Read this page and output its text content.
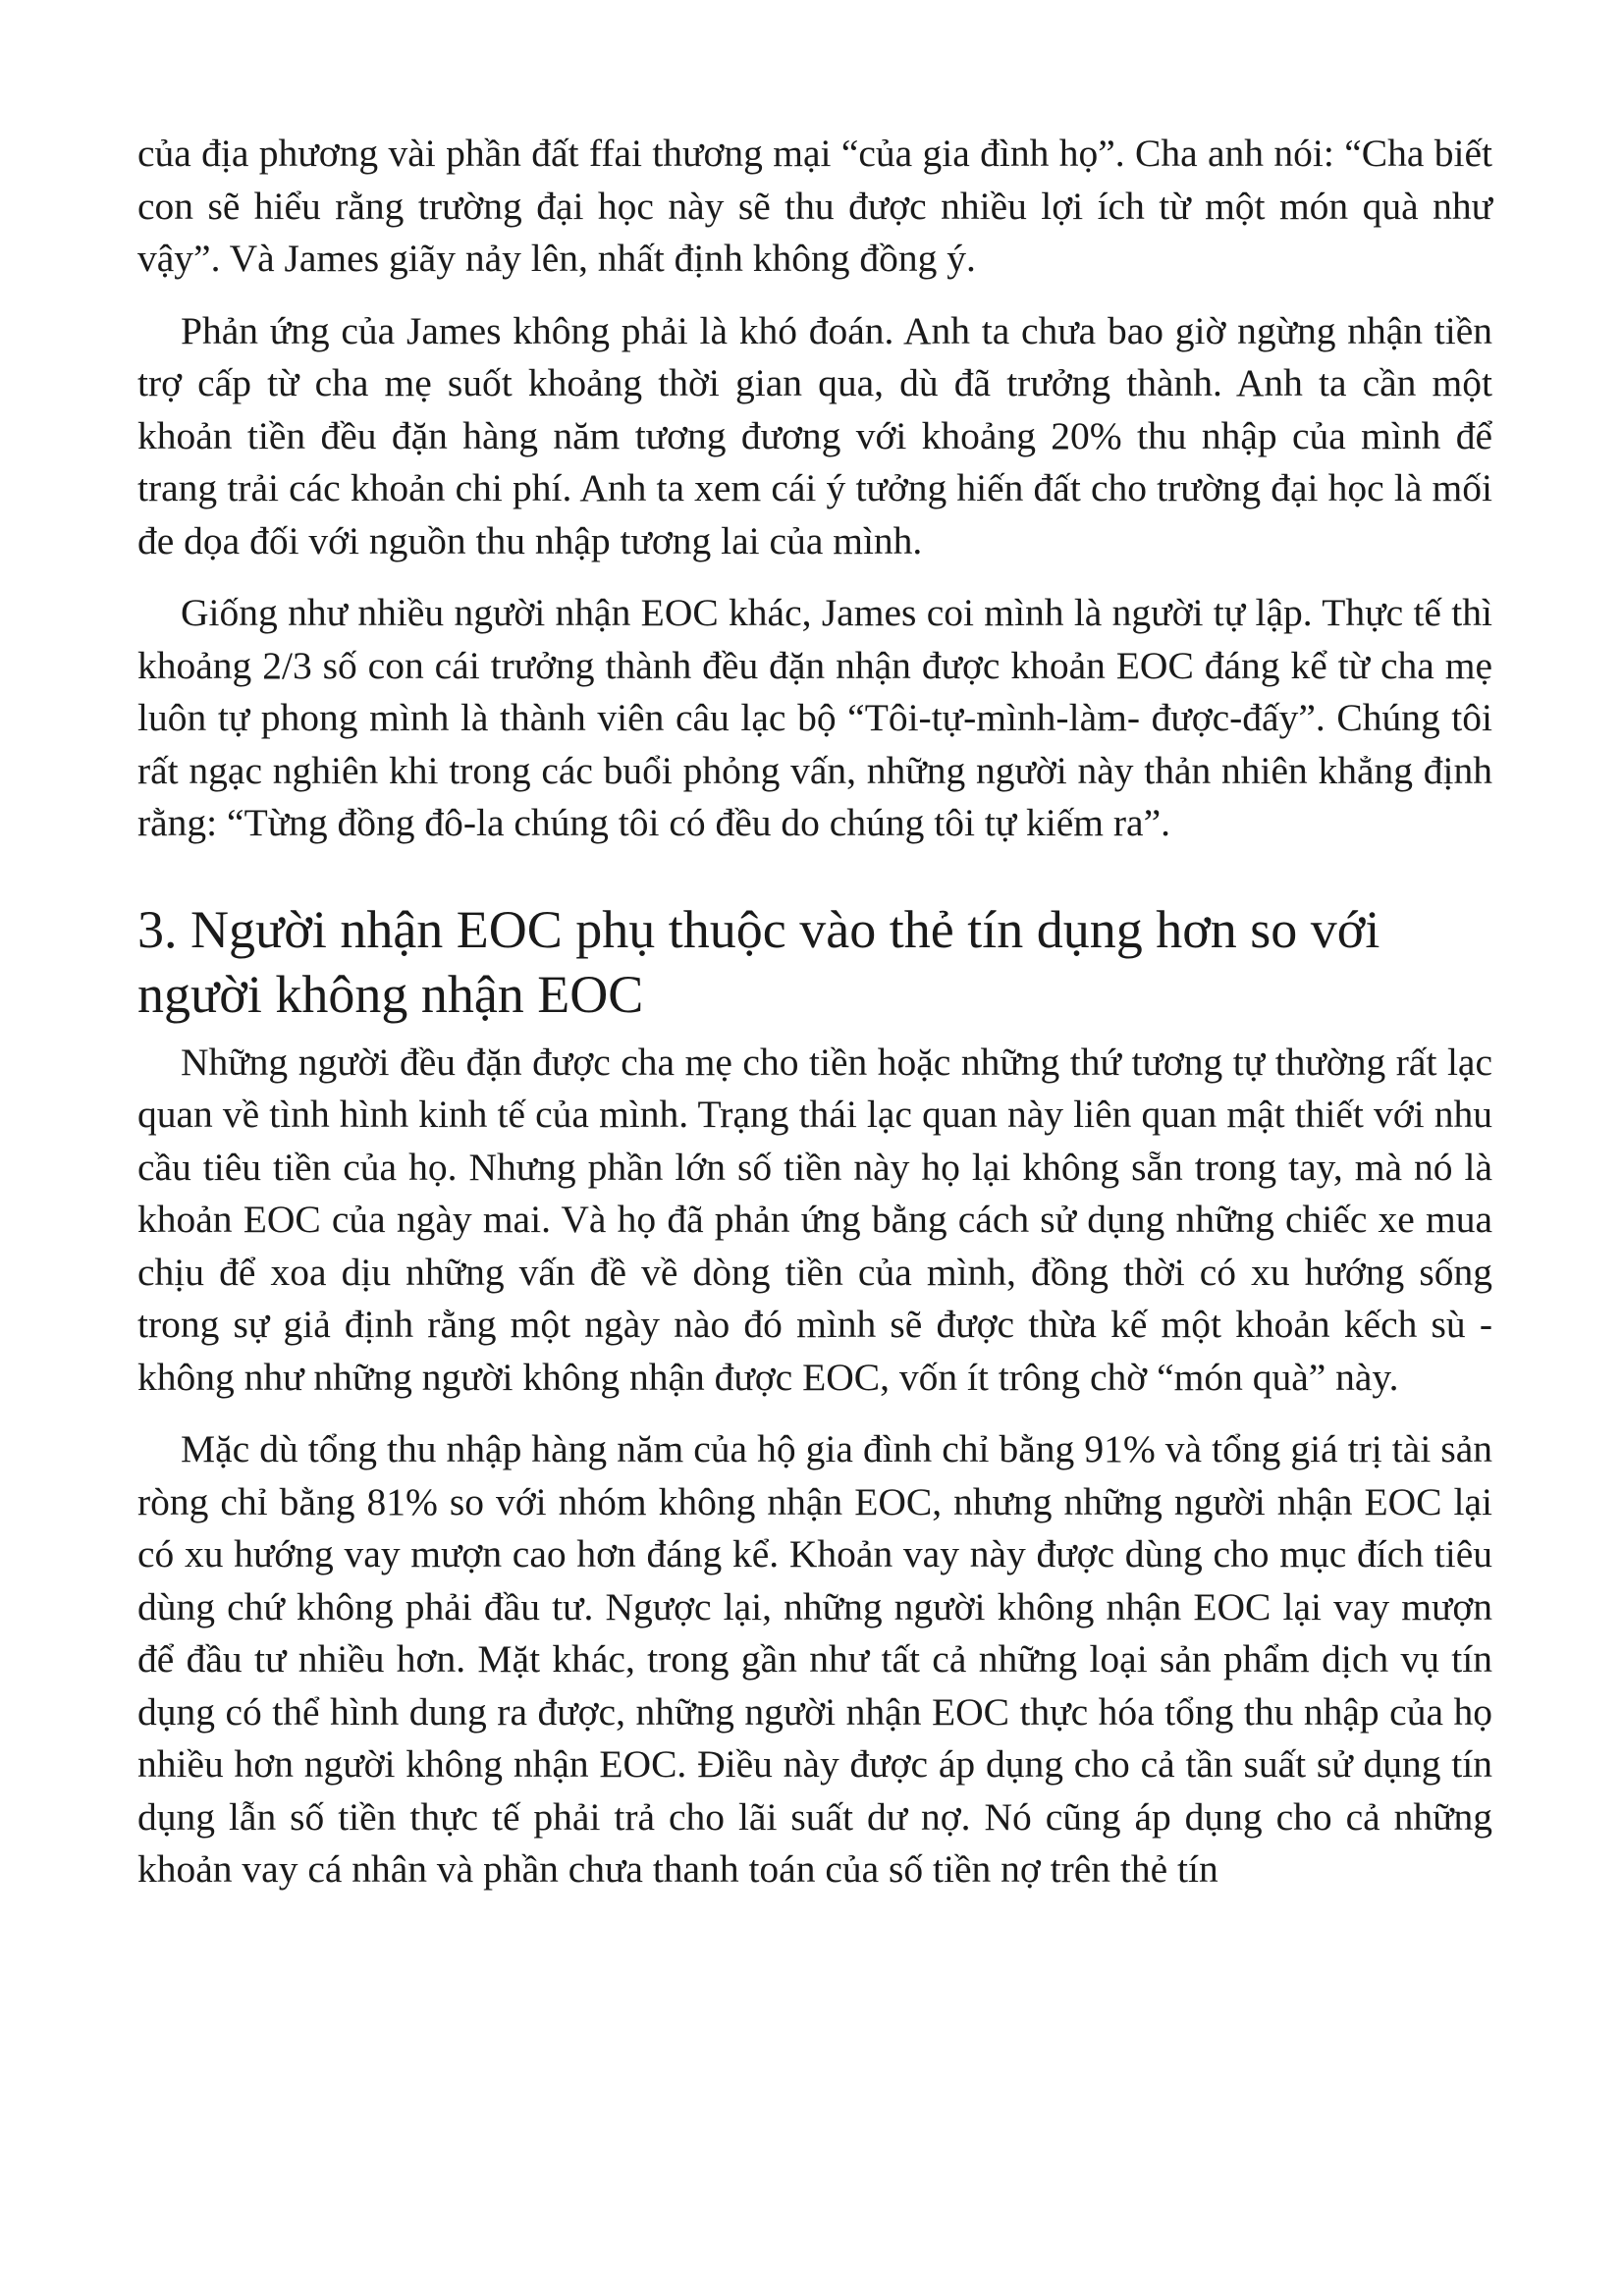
của địa phương vài phần đất ffai thương mại “của gia đình họ”. Cha anh nói: “Cha biết con sẽ hiểu rằng trường đại học này sẽ thu được nhiều lợi ích từ một món quà như vậy”. Và James giãy nảy lên, nhất định không đồng ý.

Phản ứng của James không phải là khó đoán. Anh ta chưa bao giờ ngừng nhận tiền trợ cấp từ cha mẹ suốt khoảng thời gian qua, dù đã trưởng thành. Anh ta cần một khoản tiền đều đặn hàng năm tương đương với khoảng 20% thu nhập của mình để trang trải các khoản chi phí. Anh ta xem cái ý tưởng hiến đất cho trường đại học là mối đe dọa đối với nguồn thu nhập tương lai của mình.

Giống như nhiều người nhận EOC khác, James coi mình là người tự lập. Thực tế thì khoảng 2/3 số con cái trưởng thành đều đặn nhận được khoản EOC đáng kể từ cha mẹ luôn tự phong mình là thành viên câu lạc bộ “Tôi-tự-mình-làm- được-đấy”. Chúng tôi rất ngạc nghiên khi trong các buổi phỏng vấn, những người này thản nhiên khẳng định rằng: “Từng đồng đô-la chúng tôi có đều do chúng tôi tự kiếm ra”.

3. Người nhận EOC phụ thuộc vào thẻ tín dụng hơn so với người không nhận EOC

Những người đều đặn được cha mẹ cho tiền hoặc những thứ tương tự thường rất lạc quan về tình hình kinh tế của mình. Trạng thái lạc quan này liên quan mật thiết với nhu cầu tiêu tiền của họ. Nhưng phần lớn số tiền này họ lại không sẵn trong tay, mà nó là khoản EOC của ngày mai. Và họ đã phản ứng bằng cách sử dụng những chiếc xe mua chịu để xoa dịu những vấn đề về dòng tiền của mình, đồng thời có xu hướng sống trong sự giả định rằng một ngày nào đó mình sẽ được thừa kế một khoản kếch sù - không như những người không nhận được EOC, vốn ít trông chờ “món quà” này.

Mặc dù tổng thu nhập hàng năm của hộ gia đình chỉ bằng 91% và tổng giá trị tài sản ròng chỉ bằng 81% so với nhóm không nhận EOC, nhưng những người nhận EOC lại có xu hướng vay mượn cao hơn đáng kể. Khoản vay này được dùng cho mục đích tiêu dùng chứ không phải đầu tư. Ngược lại, những người không nhận EOC lại vay mượn để đầu tư nhiều hơn. Mặt khác, trong gần như tất cả những loại sản phẩm dịch vụ tín dụng có thể hình dung ra được, những người nhận EOC thực hóa tổng thu nhập của họ nhiều hơn người không nhận EOC. Điều này được áp dụng cho cả tần suất sử dụng tín dụng lẫn số tiền thực tế phải trả cho lãi suất dư nợ. Nó cũng áp dụng cho cả những khoản vay cá nhân và phần chưa thanh toán của số tiền nợ trên thẻ tín
